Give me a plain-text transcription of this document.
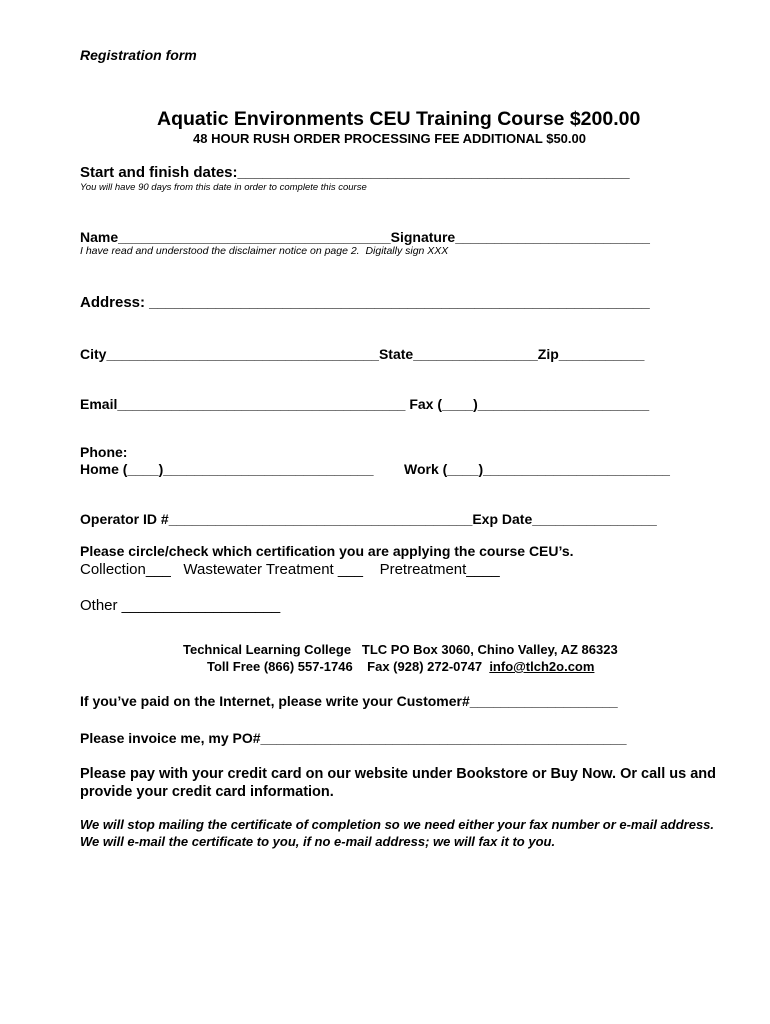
Registration form
Aquatic Environments CEU Training Course $200.00
48 HOUR RUSH ORDER PROCESSING FEE ADDITIONAL $50.00
Start and finish dates:_______________________________________________
You will have 90 days from this date in order to complete this course
Name___________________________________Signature_________________________
I have read and understood the disclaimer notice on page 2.  Digitally sign XXX
Address: ____________________________________________________________
City___________________________________State________________Zip___________
Email_____________________________________ Fax (____)______________________
Phone:
Home (____)___________________________ Work (____)________________________
Operator ID #_______________________________________Exp Date________________
Please circle/check which certification you are applying the course CEU’s.
Collection___   Wastewater Treatment ___    Pretreatment____
Other ___________________
Technical Learning College   TLC PO Box 3060, Chino Valley, AZ 86323
Toll Free (866) 557-1746    Fax (928) 272-0747  info@tlch2o.com
If you’ve paid on the Internet, please write your Customer#___________________
Please invoice me, my PO#_______________________________________________
Please pay with your credit card on our website under Bookstore or Buy Now. Or call us and provide your credit card information.
We will stop mailing the certificate of completion so we need either your fax number or e-mail address. We will e-mail the certificate to you, if no e-mail address; we will fax it to you.
